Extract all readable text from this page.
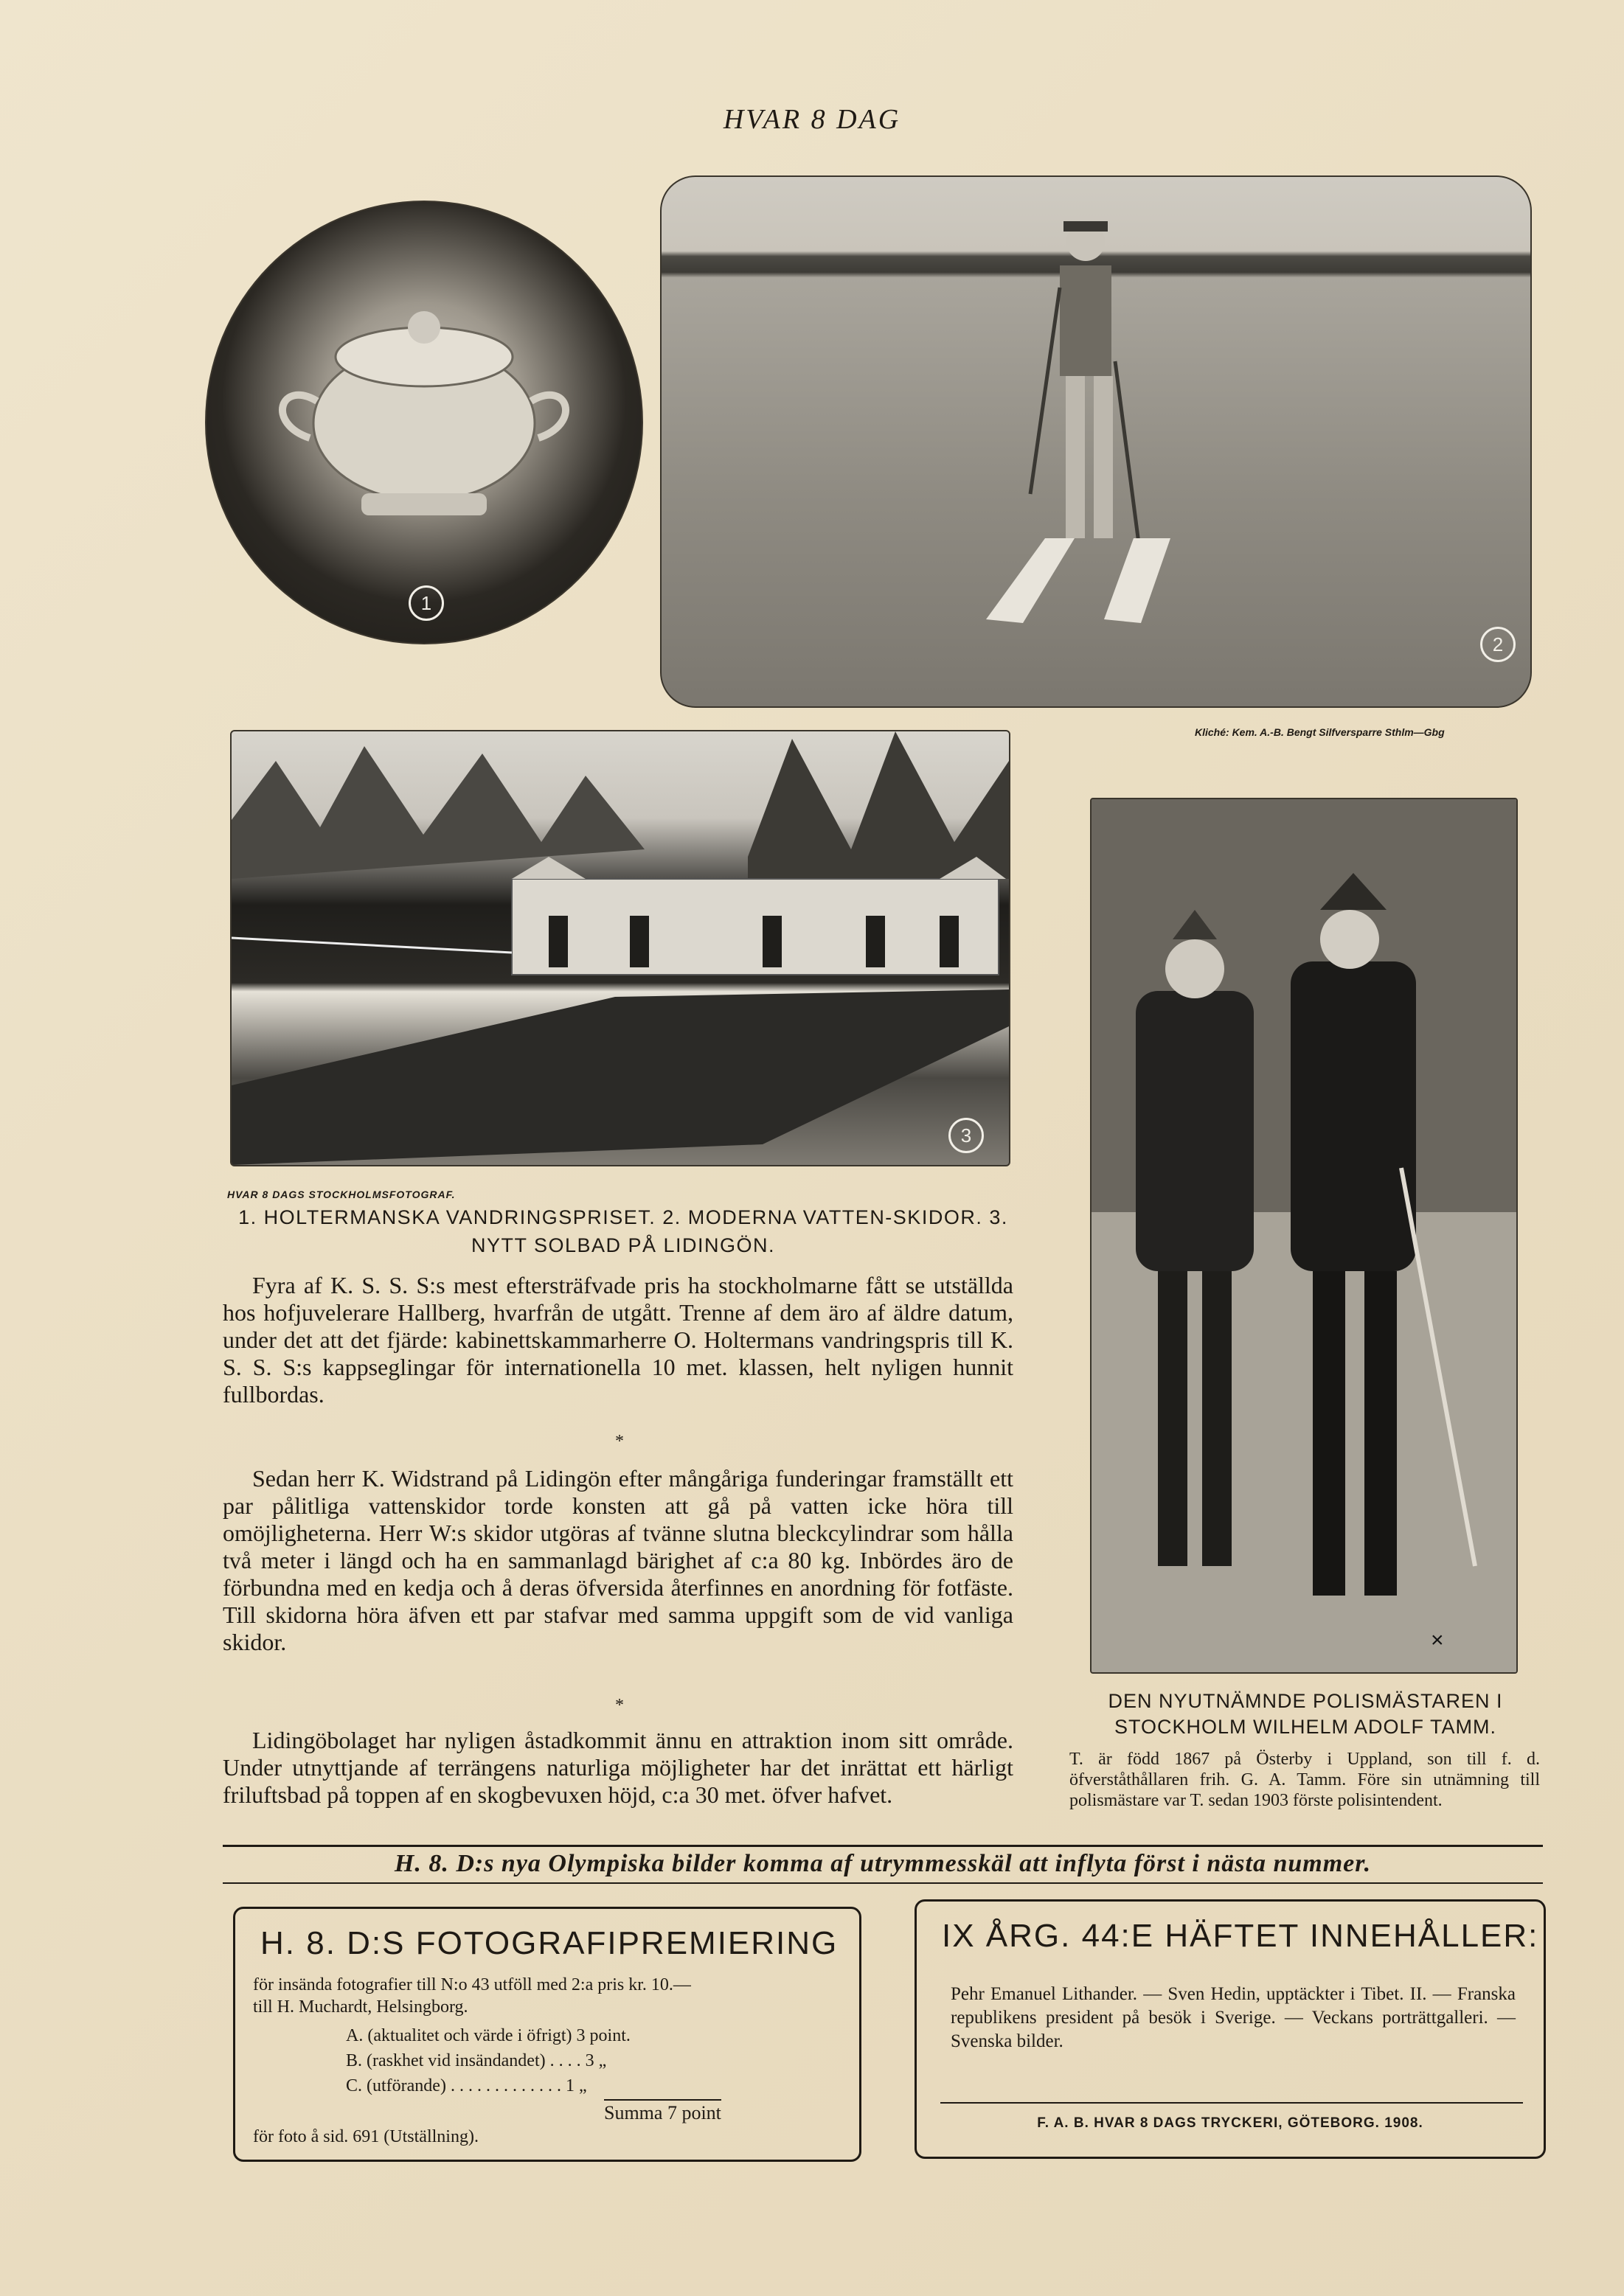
HVAR 8 DAG
1
2
Kliché: Kem. A.-B. Bengt Silfversparre Sthlm—Gbg
3
HVAR 8 DAGS STOCKHOLMSFOTOGRAF.
1. HOLTERMANSKA VANDRINGSPRISET. 2. MODERNA VATTEN-SKIDOR. 3. NYTT SOLBAD PÅ LIDINGÖN.

Fyra af K. S. S. S:s mest eftersträfvade pris ha stockholmarne fått se utställda hos hofjuvelerare Hallberg, hvarfrån de utgått. Trenne af dem äro af äldre datum, under det att det fjärde: kabinettskammarherre O. Holtermans vandringspris till K. S. S. S:s kappseglingar för internationella 10 met. klassen, helt nyligen hunnit fullbordas.

*

Sedan herr K. Widstrand på Lidingön efter mångåriga funderingar framställt ett par pålitliga vattenskidor torde konsten att gå på vatten icke höra till omöjligheterna. Herr W:s skidor utgöras af tvänne slutna bleckcylindrar som hålla två meter i längd och ha en sammanlagd bärighet af c:a 80 kg. Inbördes äro de förbundna med en kedja och å deras öfversida återfinnes en anordning för fotfäste. Till skidorna höra äfven ett par stafvar med samma uppgift som de vid vanliga skidor.

*

Lidingöbolaget har nyligen åstadkommit ännu en attraktion inom sitt område. Under utnyttjande af terrängens naturliga möjligheter har det inrättat ett härligt friluftsbad på toppen af en skogbevuxen höjd, c:a 30 met. öfver hafvet.

×
DEN NYUTNÄMNDE POLISMÄSTAREN I STOCKHOLM WILHELM ADOLF TAMM.
T. är född 1867 på Österby i Uppland, son till f. d. öfverståthållaren frih. G. A. Tamm. Före sin utnämning till polismästare var T. sedan 1903 förste polisintendent.
H. 8. D:s nya Olympiska bilder komma af utrymmesskäl att inflyta först i nästa nummer.
H. 8. D:S FOTOGRAFIPREMIERING
för insända fotografier till N:o 43 utföll med 2:a pris kr. 10.—
till H. Muchardt, Helsingborg.
A. (aktualitet och värde i öfrigt) 3 point.
B. (raskhet vid insändandet) . . . . 3 „
C. (utförande) . . . . . . . . . . . . . 1 „
Summa 7 point
för foto å sid. 691 (Utställning).
IX ÅRG. 44:E HÄFTET INNEHÅLLER:
Pehr Emanuel Lithander. — Sven Hedin, upptäckter i Tibet. II. — Franska republikens president på besök i Sverige. — Veckans porträttgalleri. — Svenska bilder.
F. A. B. HVAR 8 DAGS TRYCKERI, GÖTEBORG. 1908.
